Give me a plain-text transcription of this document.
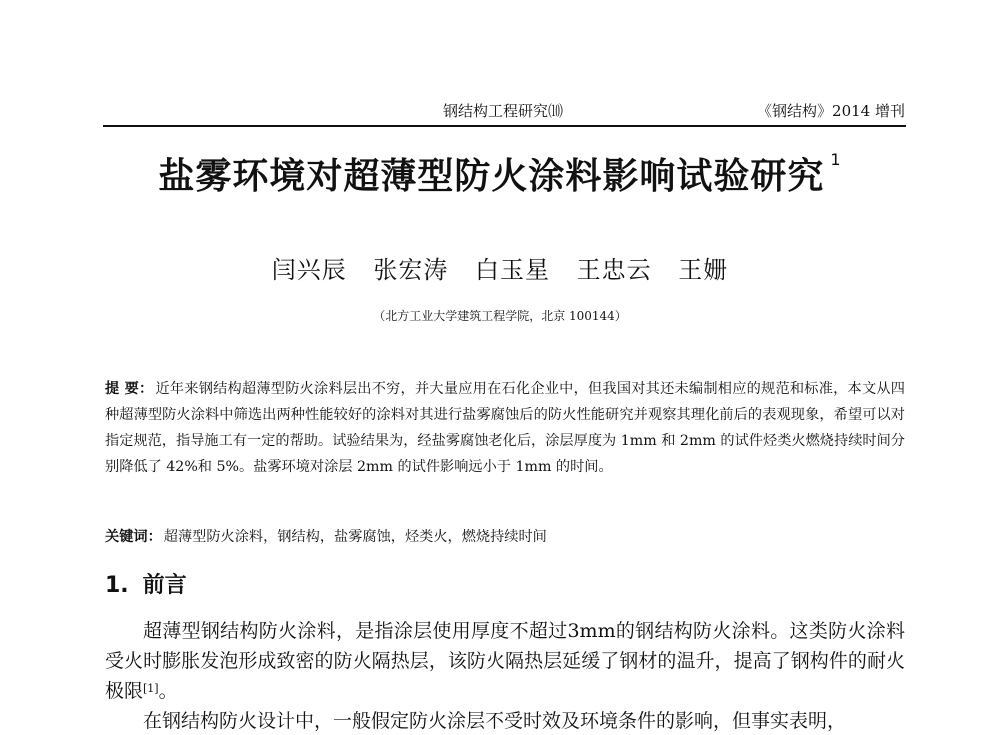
钢结构工程研究⑽	《钢结构》2014 增刊
盐雾环境对超薄型防火涂料影响试验研究 $^1$
闫兴辰 张宏涛 白玉星 王忠云 王姗
（北方工业大学建筑工程学院，北京 100144）
提 要： 近年来钢结构超薄型防火涂料层出不穷，并大量应用在石化企业中，但我国对其还未编制相应的规范和标准，本文从四种超薄型防火涂料中筛选出两种性能较好的涂料对其进行盐雾腐蚀后的防火性能研究并观察其理化前后的表观现象，希望可以对指定规范，指导施工有一定的帮助。试验结果为，经盐雾腐蚀老化后，涂层厚度为 1mm 和 2mm 的试件烃类火燃烧持续时间分别降低了 42%和 5%。盐雾环境对涂层 2mm 的试件影响远小于 1mm 的时间。
关键词： 超薄型防火涂料，钢结构，盐雾腐蚀，烃类火，燃烧持续时间
1. 前言

超薄型钢结构防火涂料，是指涂层使用厚度不超过3mm的钢结构防火涂料。这类防火涂料受火时膨胀发泡形成致密的防火隔热层，该防火隔热层延缓了钢材的温升，提高了钢构件的耐火极限[1]。

在钢结构防火设计中，一般假定防火涂层不受时效及环境条件的影响，但事实表明，
